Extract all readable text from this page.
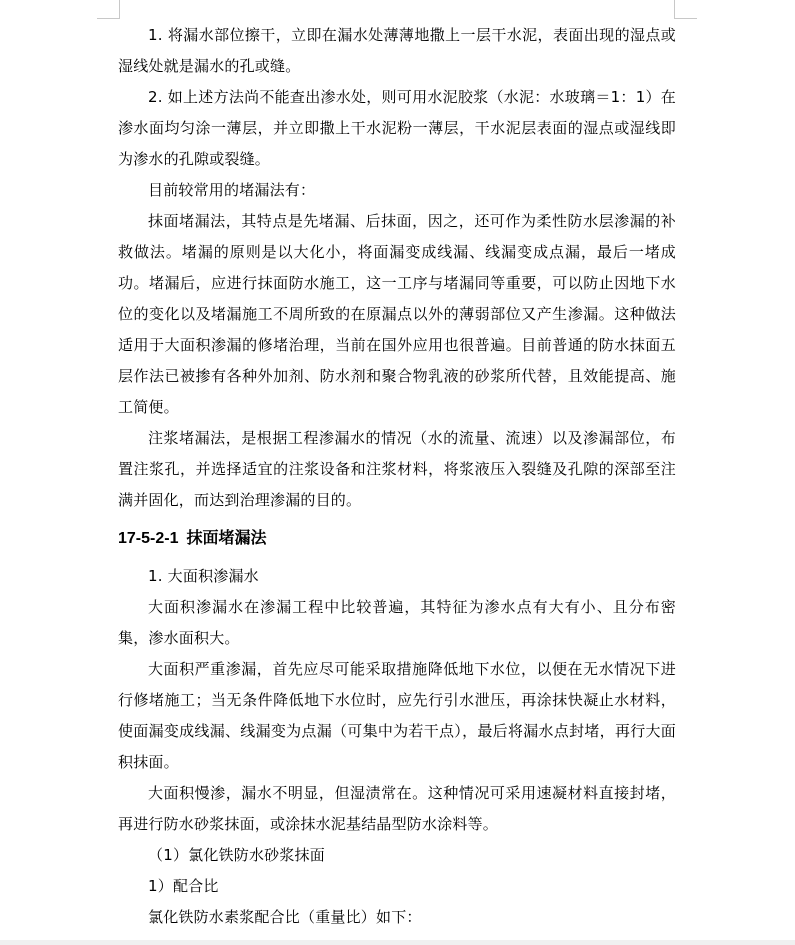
1. 将漏水部位擦干，立即在漏水处薄薄地撒上一层干水泥，表面出现的湿点或湿线处就是漏水的孔或缝。

2. 如上述方法尚不能查出渗水处，则可用水泥胶浆（水泥：水玻璃＝1：1）在渗水面均匀涂一薄层，并立即撒上干水泥粉一薄层，干水泥层表面的湿点或湿线即为渗水的孔隙或裂缝。

目前较常用的堵漏法有：

抹面堵漏法，其特点是先堵漏、后抹面，因之，还可作为柔性防水层渗漏的补救做法。堵漏的原则是以大化小，将面漏变成线漏、线漏变成点漏，最后一堵成功。堵漏后，应进行抹面防水施工，这一工序与堵漏同等重要，可以防止因地下水位的变化以及堵漏施工不周所致的在原漏点以外的薄弱部位又产生渗漏。这种做法适用于大面积渗漏的修堵治理，当前在国外应用也很普遍。目前普通的防水抹面五层作法已被掺有各种外加剂、防水剂和聚合物乳液的砂浆所代替，且效能提高、施工简便。

注浆堵漏法，是根据工程渗漏水的情况（水的流量、流速）以及渗漏部位，布置注浆孔，并选择适宜的注浆设备和注浆材料，将浆液压入裂缝及孔隙的深部至注满并固化，而达到治理渗漏的目的。

17-5-2-1 抹面堵漏法

1. 大面积渗漏水

大面积渗漏水在渗漏工程中比较普遍，其特征为渗水点有大有小、且分布密集，渗水面积大。

大面积严重渗漏，首先应尽可能采取措施降低地下水位，以便在无水情况下进行修堵施工；当无条件降低地下水位时，应先行引水泄压，再涂抹快凝止水材料，使面漏变成线漏、线漏变为点漏（可集中为若干点），最后将漏水点封堵，再行大面积抹面。

大面积慢渗，漏水不明显，但湿渍常在。这种情况可采用速凝材料直接封堵，再进行防水砂浆抹面，或涂抹水泥基结晶型防水涂料等。

（1）氯化铁防水砂浆抹面

1）配合比

氯化铁防水素浆配合比（重量比）如下：
